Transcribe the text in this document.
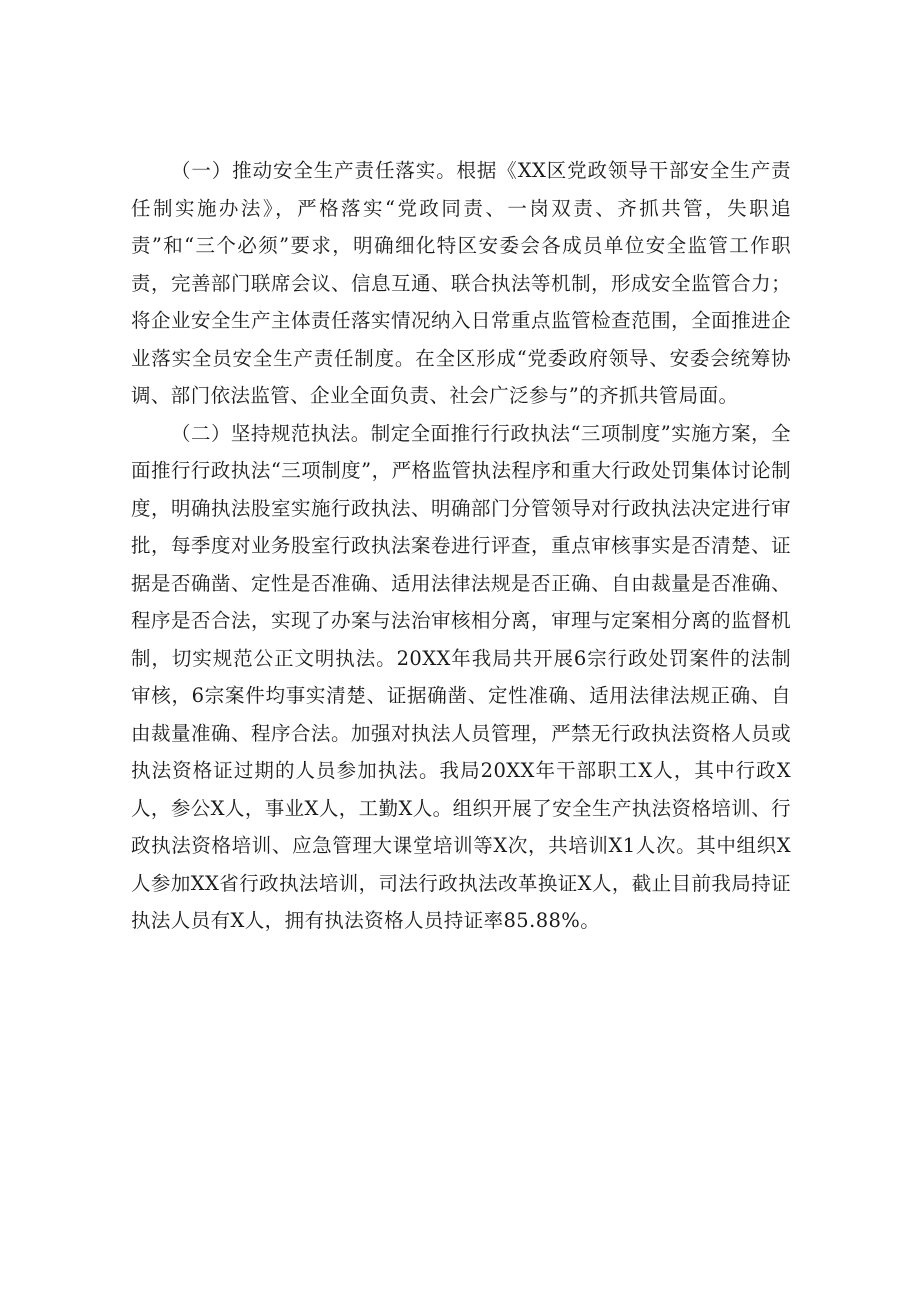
（一）推动安全生产责任落实。根据《XX区党政领导干部安全生产责任制实施办法》，严格落实“党政同责、一岗双责、齐抓共管，失职追责”和“三个必须”要求，明确细化特区安委会各成员单位安全监管工作职责，完善部门联席会议、信息互通、联合执法等机制，形成安全监管合力；将企业安全生产主体责任落实情况纳入日常重点监管检查范围，全面推进企业落实全员安全生产责任制度。在全区形成“党委政府领导、安委会统筹协调、部门依法监管、企业全面负责、社会广泛参与”的齐抓共管局面。

（二）坚持规范执法。制定全面推行行政执法“三项制度”实施方案，全面推行行政执法“三项制度”，严格监管执法程序和重大行政处罚集体讨论制度，明确执法股室实施行政执法、明确部门分管领导对行政执法决定进行审批，每季度对业务股室行政执法案卷进行评查，重点审核事实是否清楚、证据是否确凿、定性是否准确、适用法律法规是否正确、自由裁量是否准确、程序是否合法，实现了办案与法治审核相分离，审理与定案相分离的监督机制，切实规范公正文明执法。20XX年我局共开展6宗行政处罚案件的法制审核，6宗案件均事实清楚、证据确凿、定性准确、适用法律法规正确、自由裁量准确、程序合法。加强对执法人员管理，严禁无行政执法资格人员或执法资格证过期的人员参加执法。我局20XX年干部职工X人，其中行政X人，参公X人，事业X人，工勤X人。组织开展了安全生产执法资格培训、行政执法资格培训、应急管理大课堂培训等X次，共培训X1人次。其中组织X人参加XX省行政执法培训，司法行政执法改革换证X人，截止目前我局持证执法人员有X人，拥有执法资格人员持证率85.88%。
